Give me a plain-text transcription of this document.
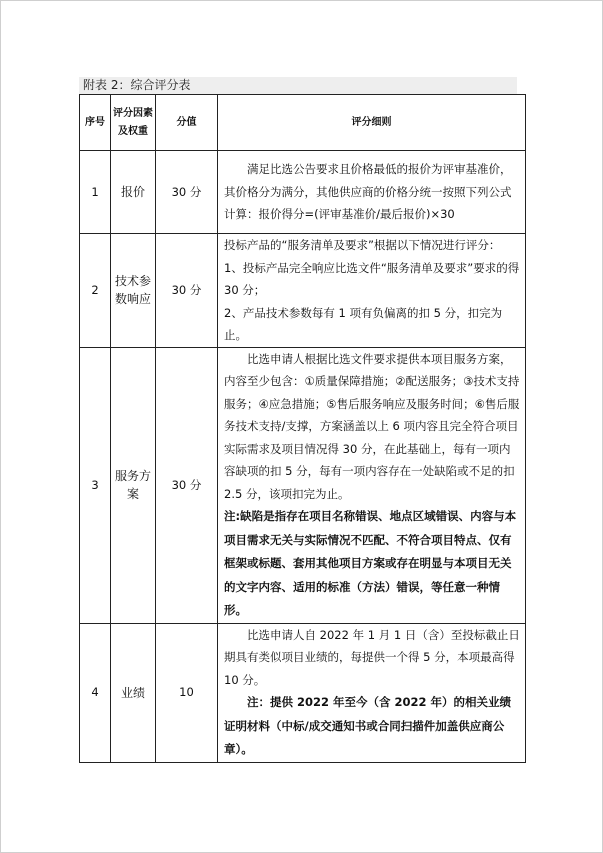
附表 2：综合评分表
序号	评分因素及权重	分值	评分细则
1	报价	30 分	满足比选公告要求且价格最低的报价为评审基准价，其价格分为满分，其他供应商的价格分统一按照下列公式计算：报价得分=(评审基准价/最后报价)×30

2	技术参数响应	30 分	投标产品的“服务清单及要求”根据以下情况进行评分：
1、投标产品完全响应比选文件“服务清单及要求”要求的得 30 分；
2、产品技术参数每有 1 项有负偏离的扣 5 分，扣完为止。

3	服务方案	30 分	比选申请人根据比选文件要求提供本项目服务方案，内容至少包含：①质量保障措施；②配送服务；③技术支持服务；④应急措施；⑤售后服务响应及服务时间；⑥售后服务技术支持/支撑，方案涵盖以上 6 项内容且完全符合项目实际需求及项目情况得 30 分，在此基础上，每有一项内容缺项的扣 5 分，每有一项内容存在一处缺陷或不足的扣 2.5 分，该项扣完为止。
注:缺陷是指存在项目名称错误、地点区域错误、内容与本项目需求无关与实际情况不匹配、不符合项目特点、仅有框架或标题、套用其他项目方案或存在明显与本项目无关的文字内容、适用的标准（方法）错误，等任意一种情形。

4	业绩	10	比选申请人自 2022 年 1 月 1 日（含）至投标截止日期具有类似项目业绩的，每提供一个得 5 分，本项最高得 10 分。
注：提供 2022 年至今（含 2022 年）的相关业绩证明材料（中标/成交通知书或合同扫描件加盖供应商公章）。
